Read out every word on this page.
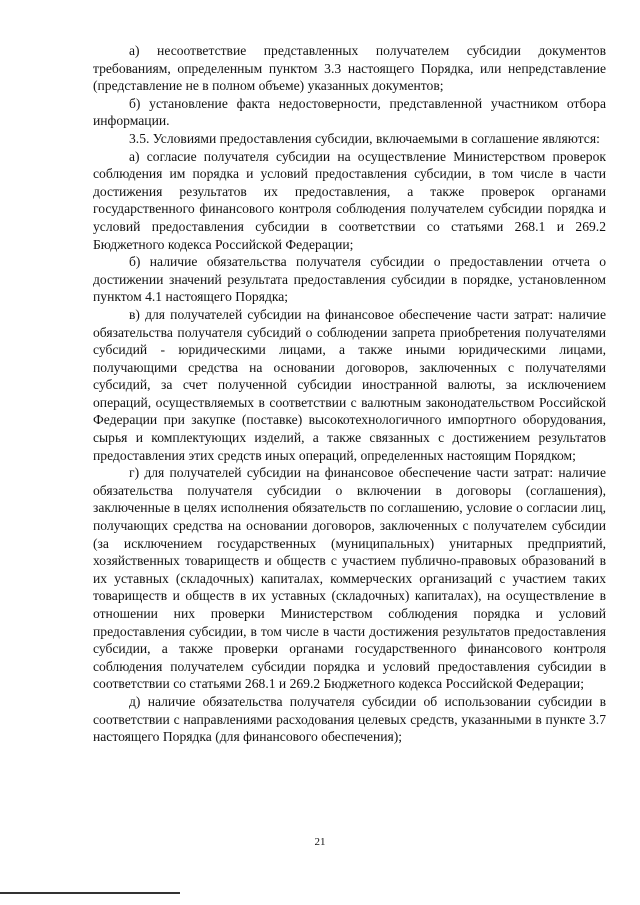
а) несоответствие представленных получателем субсидии документов требованиям, определенным пунктом 3.3 настоящего Порядка, или непредставление (представление не в полном объеме) указанных документов;

б) установление факта недостоверности, представленной участником отбора информации.

3.5. Условиями предоставления субсидии, включаемыми в соглашение являются:

а) согласие получателя субсидии на осуществление Министерством проверок соблюдения им порядка и условий предоставления субсидии, в том числе в части достижения результатов их предоставления, а также проверок органами государственного финансового контроля соблюдения получателем субсидии порядка и условий предоставления субсидии в соответствии со статьями 268.1 и 269.2 Бюджетного кодекса Российской Федерации;

б) наличие обязательства получателя субсидии о предоставлении отчета о достижении значений результата предоставления субсидии в порядке, установленном пунктом 4.1 настоящего Порядка;

в) для получателей субсидии на финансовое обеспечение части затрат: наличие обязательства получателя субсидий о соблюдении запрета приобретения получателями субсидий - юридическими лицами, а также иными юридическими лицами, получающими средства на основании договоров, заключенных с получателями субсидий, за счет полученной субсидии иностранной валюты, за исключением операций, осуществляемых в соответствии с валютным законодательством Российской Федерации при закупке (поставке) высокотехнологичного импортного оборудования, сырья и комплектующих изделий, а также связанных с достижением результатов предоставления этих средств иных операций, определенных настоящим Порядком;

г) для получателей субсидии на финансовое обеспечение части затрат: наличие обязательства получателя субсидии о включении в договоры (соглашения), заключенные в целях исполнения обязательств по соглашению, условие о согласии лиц, получающих средства на основании договоров, заключенных с получателем субсидии (за исключением государственных (муниципальных) унитарных предприятий, хозяйственных товариществ и обществ с участием публично-правовых образований в их уставных (складочных) капиталах, коммерческих организаций с участием таких товариществ и обществ в их уставных (складочных) капиталах), на осуществление в отношении них проверки Министерством соблюдения порядка и условий предоставления субсидии, в том числе в части достижения результатов предоставления субсидии, а также проверки органами государственного финансового контроля соблюдения получателем субсидии порядка и условий предоставления субсидии в соответствии со статьями 268.1 и 269.2 Бюджетного кодекса Российской Федерации;

д) наличие обязательства получателя субсидии об использовании субсидии в соответствии с направлениями расходования целевых средств, указанными в пункте 3.7 настоящего Порядка (для финансового обеспечения);

21
